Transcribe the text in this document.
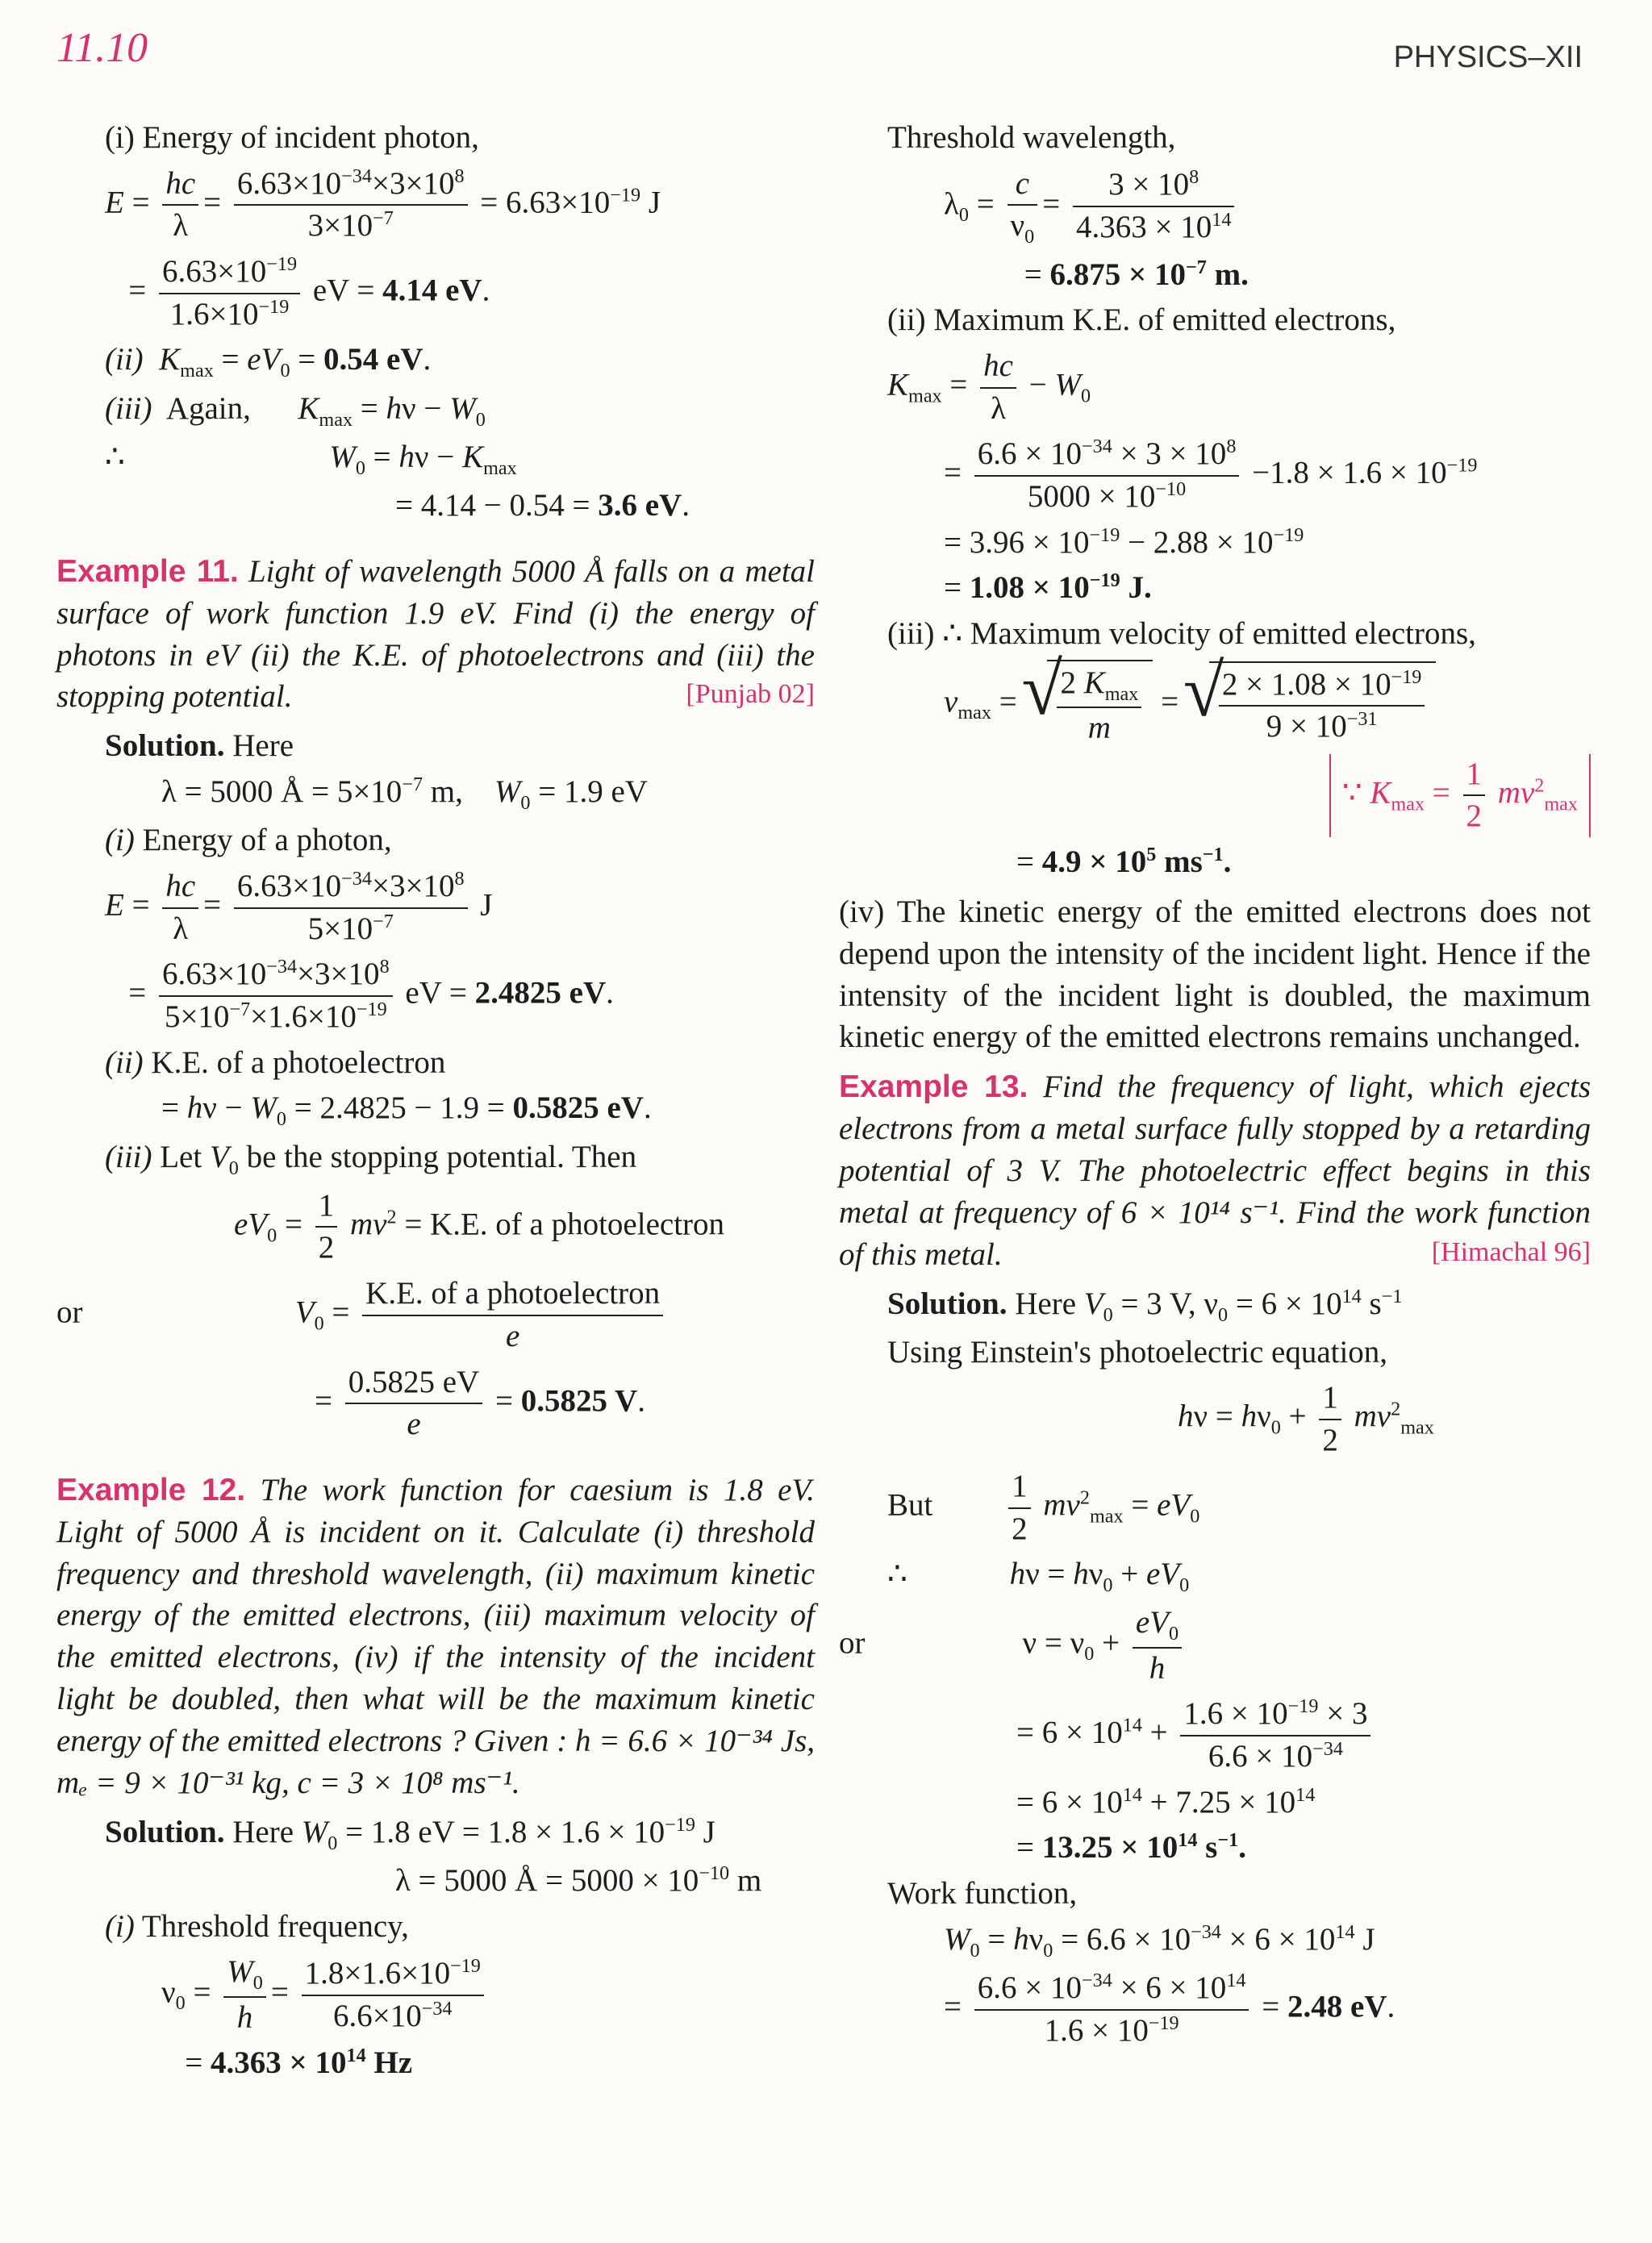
11.10	PHYSICS–XII
(i) Energy of incident photon,
$E = \frac{hc}{\lambda} = \frac{6.63\times 10^{-34}\times 3\times 10^8}{3\times 10^{-7}} = 6.63\times 10^{-19}$ J
= $\frac{6.63\times 10^{-19}}{1.6\times 10^{-19}}$ eV = 4.14 eV.
(ii) $K_{max} = eV_0 = 0.54$ eV.
(iii)  Again,      $K_{max} = h\nu - W_0$
∴                          $W_0 = h\nu - K_{max}$
= 4.14 − 0.54 = 3.6 eV.
Example 11. Light of wavelength 5000 Å falls on a metal surface of work function 1.9 eV. Find (i) the energy of photons in eV (ii) the K.E. of photoelectrons and (iii) the stopping potential.	[Punjab 02]
Solution. Here
λ = 5000 Å = $5\times 10^{-7}$ m,    $W_0 = 1.9$ eV
(i) Energy of a photon,
$E = \frac{hc}{\lambda} = \frac{6.63\times 10^{-34}\times 3\times 10^8}{5\times 10^{-7}}$ J
= $\frac{6.63\times 10^{-34}\times 3\times 10^8}{5\times 10^{-7}\times 1.6\times 10^{-19}}$ eV = 2.4825 eV.
(ii) K.E. of a photoelectron
= $h\nu - W_0 = 2.4825 - 1.9 = 0.5825$ eV.
(iii) Let $V_0$ be the stopping potential. Then
$eV_0 = \frac{1}{2} mv^2 = K.E$. of a photoelectron
or                           $V_0 = \frac{\text{K.E. of a photoelectron}}{e}$
= $\frac{0.5825 eV}{e} = 0.5825$ V.
Example 12. The work function for caesium is 1.8 eV. Light of 5000 Å is incident on it. Calculate (i) threshold frequency and threshold wavelength, (ii) maximum kinetic energy of the emitted electrons, (iii) maximum velocity of the emitted electrons, (iv) if the intensity of the incident light be doubled, then what will be the maximum kinetic energy of the emitted electrons ? Given : h = 6.6 × 10⁻³⁴ Js, mₑ = 9 × 10⁻³¹ kg, c = 3 × 10⁸ ms⁻¹.
Solution. Here $W_0 = 1.8$ eV = $1.8 \times 1.6 \times 10^{-19}$ J
λ = 5000 Å = $5000 \times 10^{-10}$ m
(i) Threshold frequency,
$\nu_0 = \frac{W_0}{h} = \frac{1.8\times 1.6\times 10^{-19}}{6.6\times 10^{-34}}$
= $4.363 \times 10^{14}$ Hz
Threshold wavelength,
$\lambda_0 = \frac{c}{\nu_0} = \frac{3 \times 10^8}{4.363 \times 10^{14}}$
= $6.875 \times 10^{-7}$ m.
(ii) Maximum K.E. of emitted electrons,
$K_{max} = \frac{hc}{\lambda} - W_0$
= $\frac{6.6 \times 10^{-34} \times 3 \times 10^8}{5000 \times 10^{-10}} -1.8 \times 1.6 \times 10^{-19}$
= $3.96 \times 10^{-19} - 2.88 \times 10^{-19}$
= $1.08 \times 10^{-19}$ J.
(iii) ∴ Maximum velocity of emitted electrons,
$v_{max}$ = √ $\frac{2 K_{max}}{m}$ = √ $\frac{2 \times 1.08 \times 10^{-19}}{9 \times 10^{-31}}$
∵ $K_{max} = \frac{1}{2} mv^2_{max}$
= $4.9 \times 10^5$ $ms^{-1}$.
(iv) The kinetic energy of the emitted electrons does not depend upon the intensity of the incident light. Hence if the intensity of the incident light is doubled, the maximum kinetic energy of the emitted electrons remains unchanged.
Example 13. Find the frequency of light, which ejects electrons from a metal surface fully stopped by a retarding potential of 3 V. The photoelectric effect begins in this metal at frequency of 6 × 10¹⁴ s⁻¹. Find the work function of this metal.	[Himachal 96]
Solution. Here $V_0 = 3$ V, $\nu_0 = 6 \times 10^{14}$ $s^{-1}$
Using Einstein's photoelectric equation,
$h\nu = h\nu_0 + \frac{1}{2} mv^2_{max}$
But $\frac{1}{2} mv^2_{max} = eV_0$
∴             $h\nu = h\nu_0 + eV_0$
or                    $\nu = \nu_0 + \frac{eV_0}{h}$
= $6 \times 10^{14} + \frac{1.6 \times 10^{-19} \times 3}{6.6 \times 10^{-34}}$
= $6 \times 10^{14} + 7.25 \times 10^{14}$
= $13.25 \times 10^{14}$ $s^{-1}$.
Work function,
$W_0 = h\nu_0 = 6.6 \times 10^{-34} \times 6 \times 10^{14}$ J
= $\frac{6.6 \times 10^{-34} \times 6 \times 10^{14}}{1.6 \times 10^{-19}} = 2.48$ eV.
